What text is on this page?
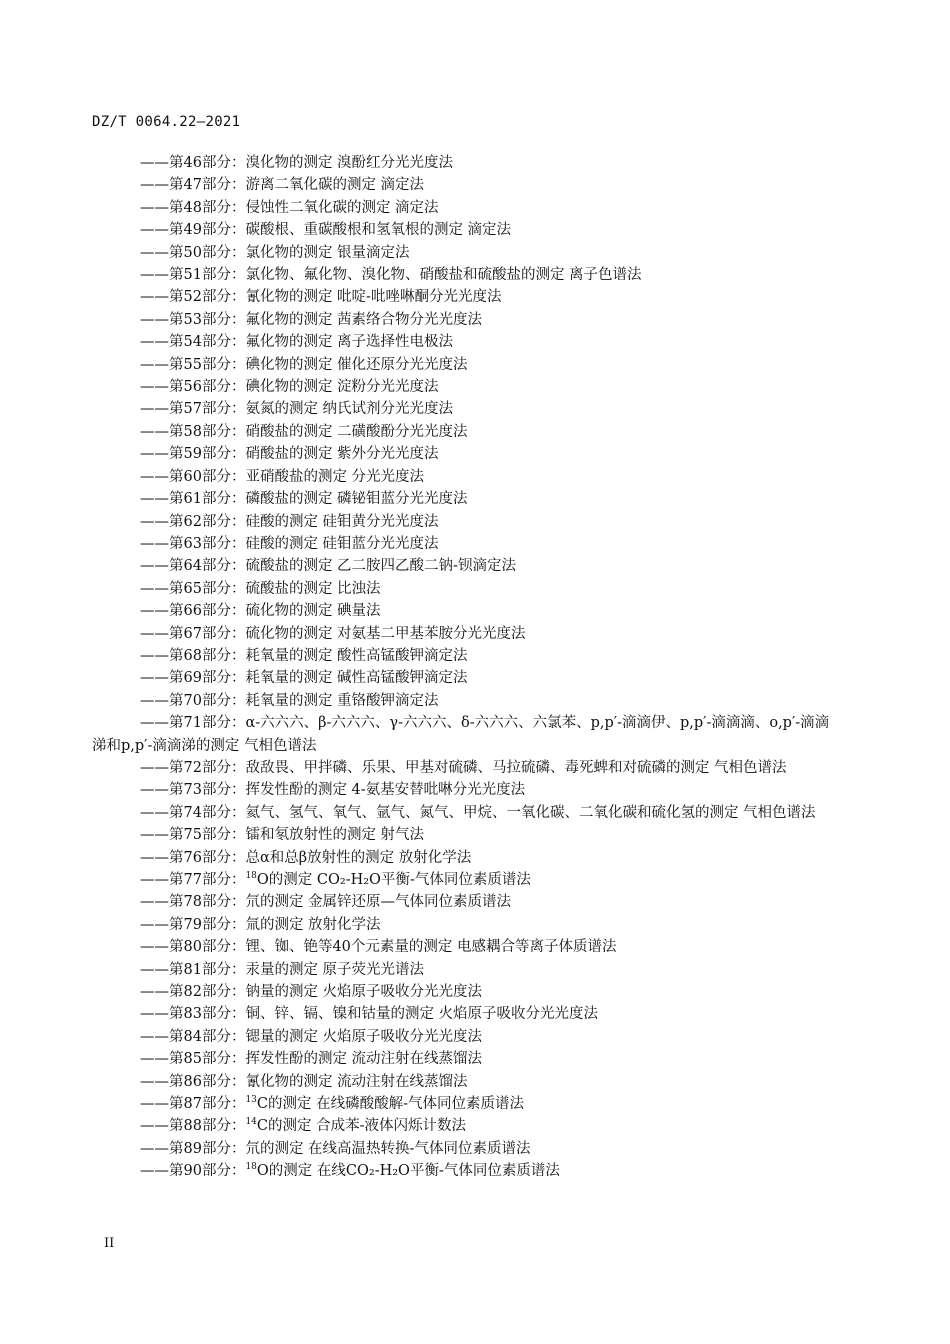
DZ/T 0064.22—2021
——第46部分：溴化物的测定 溴酚红分光光度法
——第47部分：游离二氧化碳的测定 滴定法
——第48部分：侵蚀性二氧化碳的测定 滴定法
——第49部分：碳酸根、重碳酸根和氢氧根的测定 滴定法
——第50部分：氯化物的测定 银量滴定法
——第51部分：氯化物、氟化物、溴化物、硝酸盐和硫酸盐的测定 离子色谱法
——第52部分：氰化物的测定 吡啶-吡唑啉酮分光光度法
——第53部分：氟化物的测定 茜素络合物分光光度法
——第54部分：氟化物的测定 离子选择性电极法
——第55部分：碘化物的测定 催化还原分光光度法
——第56部分：碘化物的测定 淀粉分光光度法
——第57部分：氨氮的测定 纳氏试剂分光光度法
——第58部分：硝酸盐的测定 二磺酸酚分光光度法
——第59部分：硝酸盐的测定 紫外分光光度法
——第60部分：亚硝酸盐的测定 分光光度法
——第61部分：磷酸盐的测定 磷铋钼蓝分光光度法
——第62部分：硅酸的测定 硅钼黄分光光度法
——第63部分：硅酸的测定 硅钼蓝分光光度法
——第64部分：硫酸盐的测定 乙二胺四乙酸二钠-钡滴定法
——第65部分：硫酸盐的测定 比浊法
——第66部分：硫化物的测定 碘量法
——第67部分：硫化物的测定 对氨基二甲基苯胺分光光度法
——第68部分：耗氧量的测定 酸性高锰酸钾滴定法
——第69部分：耗氧量的测定 碱性高锰酸钾滴定法
——第70部分：耗氧量的测定 重铬酸钾滴定法
——第71部分：α-六六六、β-六六六、γ-六六六、δ-六六六、六氯苯、p,p′-滴滴伊、p,p′-滴滴滴、o,p′-滴滴涕和p,p′-滴滴涕的测定 气相色谱法
——第72部分：敌敌畏、甲拌磷、乐果、甲基对硫磷、马拉硫磷、毒死蜱和对硫磷的测定 气相色谱法
——第73部分：挥发性酚的测定 4-氨基安替吡啉分光光度法
——第74部分：氦气、氢气、氧气、氩气、氮气、甲烷、一氧化碳、二氧化碳和硫化氢的测定 气相色谱法
——第75部分：镭和氡放射性的测定 射气法
——第76部分：总α和总β放射性的测定 放射化学法
——第77部分：$^{18}$O的测定 CO₂-H₂O平衡-气体同位素质谱法
——第78部分：氘的测定 金属锌还原—气体同位素质谱法
——第79部分：氚的测定 放射化学法
——第80部分：锂、铷、铯等40个元素量的测定 电感耦合等离子体质谱法
——第81部分：汞量的测定 原子荧光光谱法
——第82部分：钠量的测定 火焰原子吸收分光光度法
——第83部分：铜、锌、镉、镍和钴量的测定 火焰原子吸收分光光度法
——第84部分：锶量的测定 火焰原子吸收分光光度法
——第85部分：挥发性酚的测定 流动注射在线蒸馏法
——第86部分：氰化物的测定 流动注射在线蒸馏法
——第87部分：$^{13}$C的测定 在线磷酸酸解-气体同位素质谱法
——第88部分：$^{14}$C的测定 合成苯-液体闪烁计数法
——第89部分：氘的测定 在线高温热转换-气体同位素质谱法
——第90部分：$^{18}$O的测定 在线CO₂-H₂O平衡-气体同位素质谱法
II
